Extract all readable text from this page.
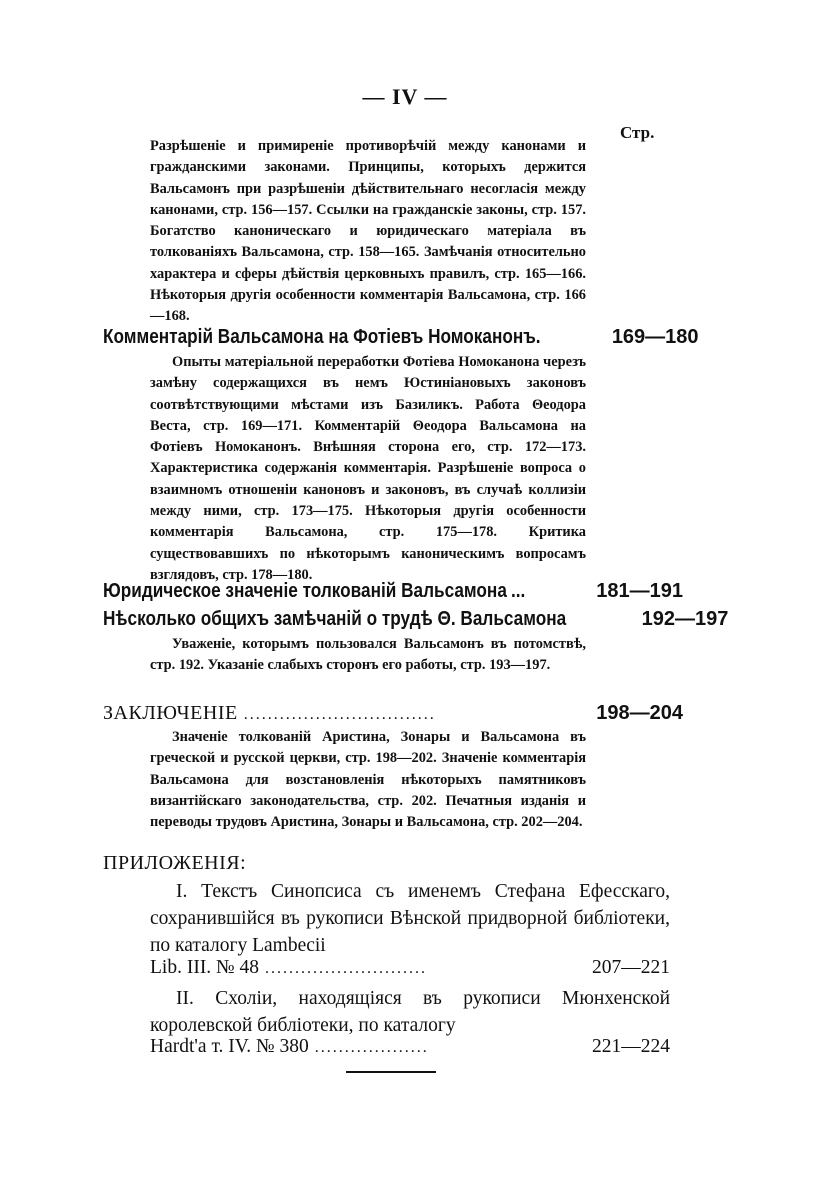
— IV —
Стр.

Разрѣшеніе и примиреніе противорѣчій между канонами и гражданскими законами. Принципы, которыхъ держится Вальсамонъ при разрѣшеніи дѣйствительнаго несогласія между канонами, стр. 156—157. Ссылки на гражданскіе законы, стр. 157. Богатство каноническаго и юридическаго матеріала въ толкованіяхъ Вальсамона, стр. 158—165. Замѣчанія относительно характера и сферы дѣйствія церковныхъ правилъ, стр. 165—166. Нѣкоторыя другія особенности комментарія Вальсамона, стр. 166—168.

Комментарій Вальсамона на Фотіевъ Номоканонъ.	169—180

Опыты матеріальной переработки Фотіева Номоканона черезъ замѣну содержащихся въ немъ Юстиніановыхъ законовъ соотвѣтствующими мѣстами изъ Базиликъ. Работа Θеодора Веста, стр. 169—171. Комментарій Θеодора Вальсамона на Фотіевъ Номоканонъ. Внѣшняя сторона его, стр. 172—173. Характеристика содержанія комментарія. Разрѣшеніе вопроса о взаимномъ отношеніи каноновъ и законовъ, въ случаѣ коллизіи между ними, стр. 173—175. Нѣкоторыя другія особенности комментарія Вальсамона, стр. 175—178. Критика существовавшихъ по нѣкоторымъ каноническимъ вопросамъ взглядовъ, стр. 178—180.

Юридическое значеніе толкованій Вальсамона ...	181—191
Нѣсколько общихъ замѣчаній о трудѣ Θ. Вальсамона	192—197

Уваженіе, которымъ пользовался Вальсамонъ въ потомствѣ, стр. 192. Указаніе слабыхъ сторонъ его работы, стр. 193—197.

ЗАКЛЮЧЕНІЕ ................................	198—204

Значеніе толкованій Аристина, Зонары и Вальсамона въ греческой и русской церкви, стр. 198—202. Значеніе комментарія Вальсамона для возстановленія нѣкоторыхъ памятниковъ византійскаго законодательства, стр. 202. Печатныя изданія и переводы трудовъ Аристина, Зонары и Вальсамона, стр. 202—204.

ПРИЛОЖЕНІЯ:

I. Текстъ Синопсиса съ именемъ Стефана Ефесскаго, сохранившійся въ рукописи Вѣнской придворной библіотеки, по каталогу Lambecii

Lib. III. № 48 ...........................	207—221

II. Схоліи, находящіяся въ рукописи Мюнхенской королевской библіотеки, по каталогу

Hardt'a т. IV. № 380 ...................	221—224
